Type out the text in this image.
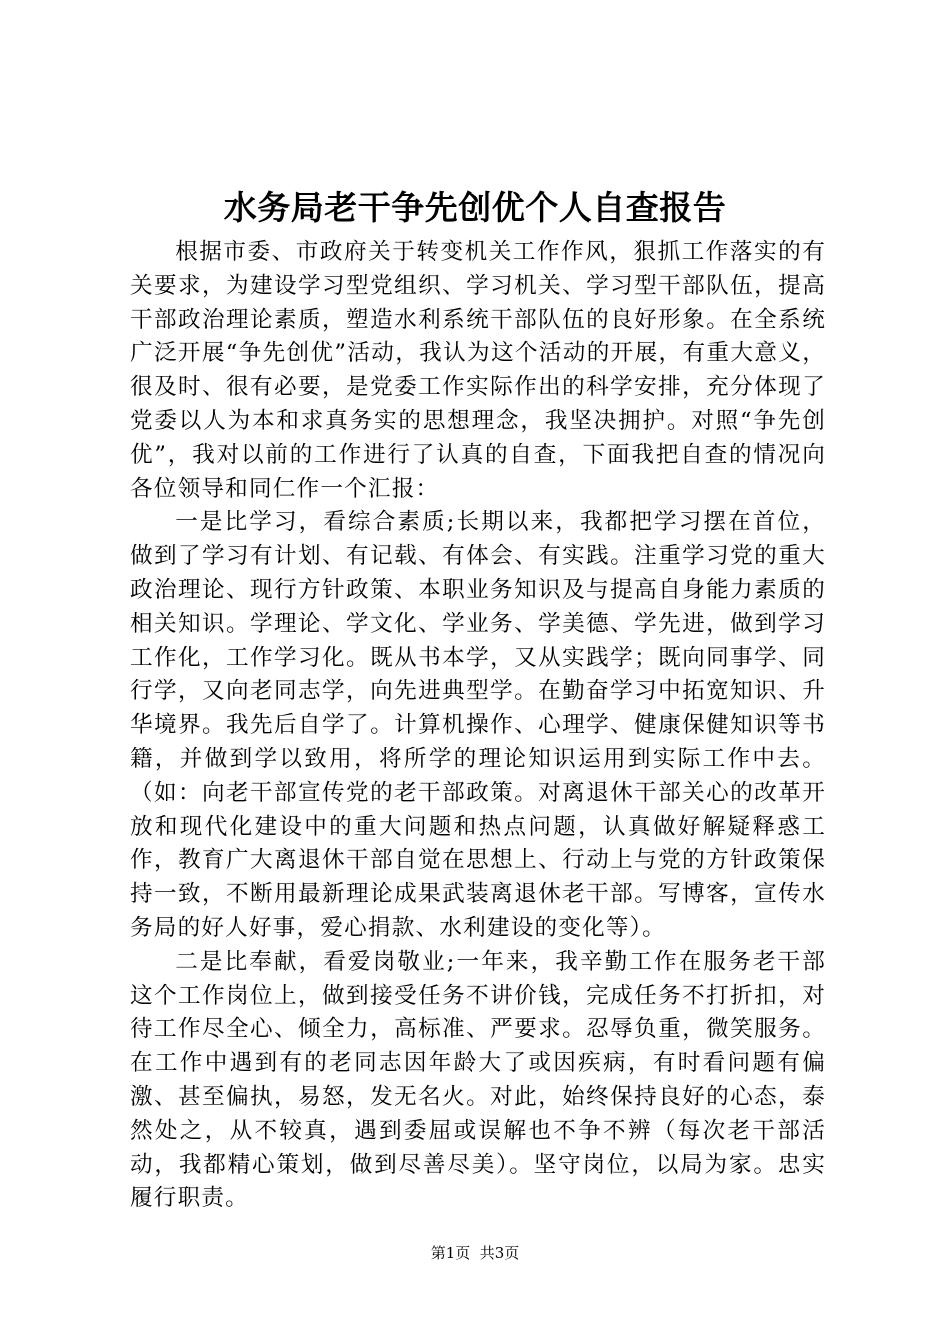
水务局老干争先创优个人自查报告

根据市委、市政府关于转变机关工作作风，狠抓工作落实的有关要求，为建设学习型党组织、学习机关、学习型干部队伍，提高干部政治理论素质，塑造水利系统干部队伍的良好形象。在全系统广泛开展“争先创优”活动，我认为这个活动的开展，有重大意义，很及时、很有必要，是党委工作实际作出的科学安排，充分体现了党委以人为本和求真务实的思想理念，我坚决拥护。对照“争先创优”，我对以前的工作进行了认真的自查，下面我把自查的情况向各位领导和同仁作一个汇报：

一是比学习，看综合素质;长期以来，我都把学习摆在首位，做到了学习有计划、有记载、有体会、有实践。注重学习党的重大政治理论、现行方针政策、本职业务知识及与提高自身能力素质的相关知识。学理论、学文化、学业务、学美德、学先进，做到学习工作化，工作学习化。既从书本学，又从实践学；既向同事学、同行学，又向老同志学，向先进典型学。在勤奋学习中拓宽知识、升华境界。我先后自学了。计算机操作、心理学、健康保健知识等书籍，并做到学以致用，将所学的理论知识运用到实际工作中去。（如：向老干部宣传党的老干部政策。对离退休干部关心的改革开放和现代化建设中的重大问题和热点问题，认真做好解疑释惑工作，教育广大离退休干部自觉在思想上、行动上与党的方针政策保持一致，不断用最新理论成果武装离退休老干部。写博客，宣传水务局的好人好事，爱心捐款、水利建设的变化等）。

二是比奉献，看爱岗敬业;一年来，我辛勤工作在服务老干部这个工作岗位上，做到接受任务不讲价钱，完成任务不打折扣，对待工作尽全心、倾全力，高标准、严要求。忍辱负重，微笑服务。在工作中遇到有的老同志因年龄大了或因疾病，有时看问题有偏激、甚至偏执，易怒，发无名火。对此，始终保持良好的心态，泰然处之，从不较真，遇到委屈或误解也不争不辨（每次老干部活动，我都精心策划，做到尽善尽美）。坚守岗位，以局为家。忠实履行职责。

第1页  共3页
